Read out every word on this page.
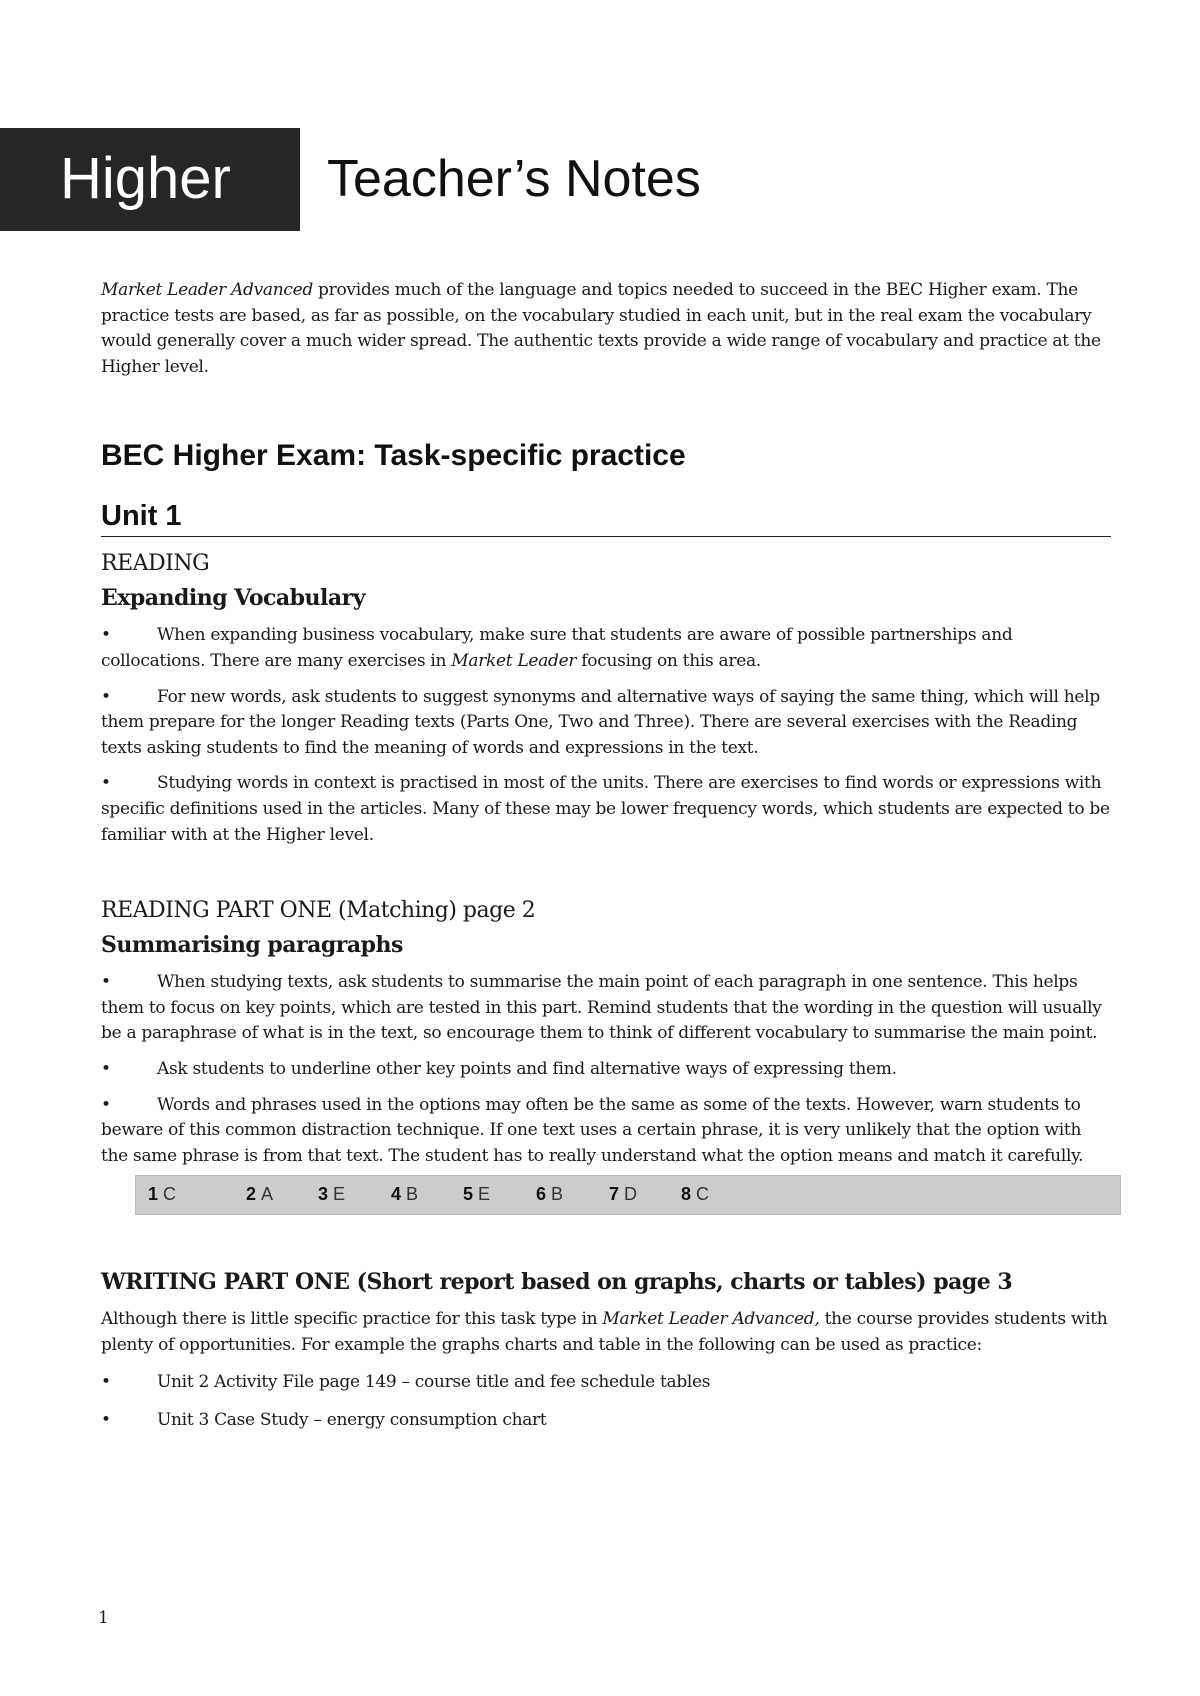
Higher Teacher’s Notes

Market Leader Advanced provides much of the language and topics needed to succeed in the BEC Higher exam. The practice tests are based, as far as possible, on the vocabulary studied in each unit, but in the real exam the vocabulary would generally cover a much wider spread. The authentic texts provide a wide range of vocabulary and practice at the Higher level.

BEC Higher Exam: Task-specific practice
Unit 1
READING
Expanding Vocabulary

•	When expanding business vocabulary, make sure that students are aware of possible partnerships and collocations. There are many exercises in Market Leader focusing on this area.

•	For new words, ask students to suggest synonyms and alternative ways of saying the same thing, which will help them prepare for the longer Reading texts (Parts One, Two and Three). There are several exercises with the Reading texts asking students to find the meaning of words and expressions in the text.

•	Studying words in context is practised in most of the units. There are exercises to find words or expressions with specific definitions used in the articles. Many of these may be lower frequency words, which students are expected to be familiar with at the Higher level.

READING PART ONE (Matching) page 2
Summarising paragraphs

•	When studying texts, ask students to summarise the main point of each paragraph in one sentence. This helps them to focus on key points, which are tested in this part. Remind students that the wording in the question will usually be a paraphrase of what is in the text, so encourage them to think of different vocabulary to summarise the main point.

•	Ask students to underline other key points and find alternative ways of expressing them.

•	Words and phrases used in the options may often be the same as some of the texts. However, warn students to beware of this common distraction technique. If one text uses a certain phrase, it is very unlikely that the option with the same phrase is from that text. The student has to really understand what the option means and match it carefully.

1 C	2 A	3 E	4 B	5 E	6 B	7 D	8 C
WRITING PART ONE (Short report based on graphs, charts or tables) page 3

Although there is little specific practice for this task type in Market Leader Advanced, the course provides students with plenty of opportunities. For example the graphs charts and table in the following can be used as practice:

•	Unit 2 Activity File page 149 – course title and fee schedule tables

•	Unit 3 Case Study – energy consumption chart

1
